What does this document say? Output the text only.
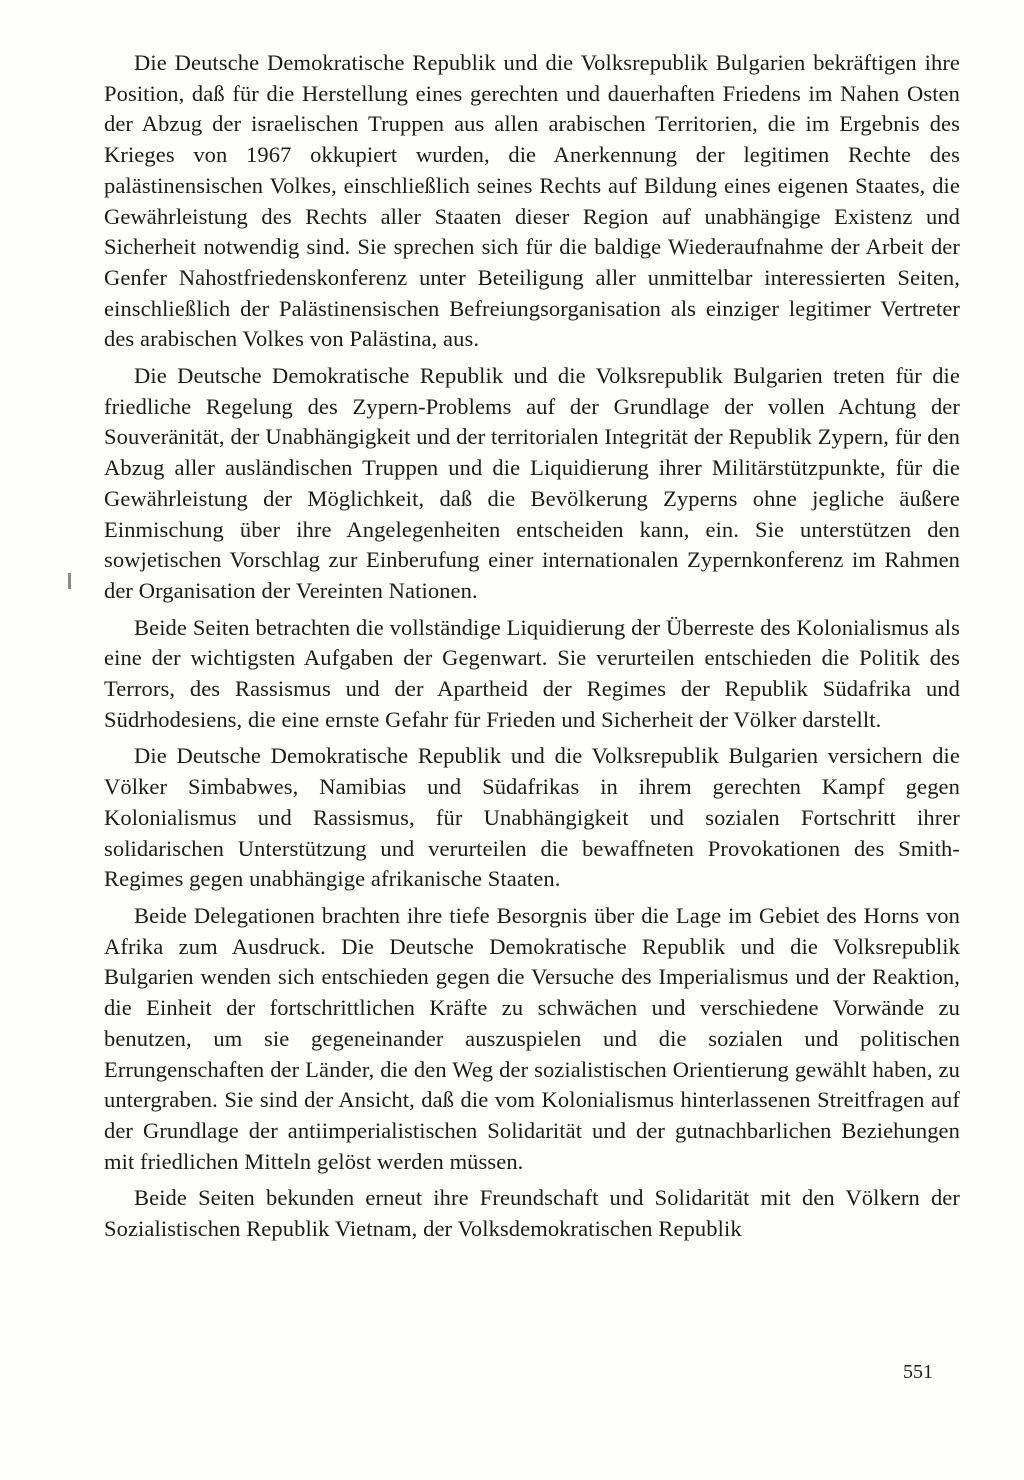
Die Deutsche Demokratische Republik und die Volksrepublik Bulgarien bekräftigen ihre Position, daß für die Herstellung eines gerechten und dauerhaften Friedens im Nahen Osten der Abzug der israelischen Truppen aus allen arabischen Territorien, die im Ergebnis des Krieges von 1967 okkupiert wurden, die Anerkennung der legitimen Rechte des palästinensischen Volkes, einschließlich seines Rechts auf Bildung eines eigenen Staates, die Gewährleistung des Rechts aller Staaten dieser Region auf unabhängige Existenz und Sicherheit notwendig sind. Sie sprechen sich für die baldige Wiederaufnahme der Arbeit der Genfer Nahostfriedenskonferenz unter Beteiligung aller unmittelbar interessierten Seiten, einschließlich der Palästinensischen Befreiungsorganisation als einziger legitimer Vertreter des arabischen Volkes von Palästina, aus.

Die Deutsche Demokratische Republik und die Volksrepublik Bulgarien treten für die friedliche Regelung des Zypern-Problems auf der Grundlage der vollen Achtung der Souveränität, der Unabhängigkeit und der territorialen Integrität der Republik Zypern, für den Abzug aller ausländischen Truppen und die Liquidierung ihrer Militärstützpunkte, für die Gewährleistung der Möglichkeit, daß die Bevölkerung Zyperns ohne jegliche äußere Einmischung über ihre Angelegenheiten entscheiden kann, ein. Sie unterstützen den sowjetischen Vorschlag zur Einberufung einer internationalen Zypernkonferenz im Rahmen der Organisation der Vereinten Nationen.

Beide Seiten betrachten die vollständige Liquidierung der Überreste des Kolonialismus als eine der wichtigsten Aufgaben der Gegenwart. Sie verurteilen entschieden die Politik des Terrors, des Rassismus und der Apartheid der Regimes der Republik Südafrika und Südrhodesiens, die eine ernste Gefahr für Frieden und Sicherheit der Völker darstellt.

Die Deutsche Demokratische Republik und die Volksrepublik Bulgarien versichern die Völker Simbabwes, Namibias und Südafrikas in ihrem gerechten Kampf gegen Kolonialismus und Rassismus, für Unabhängigkeit und sozialen Fortschritt ihrer solidarischen Unterstützung und verurteilen die bewaffneten Provokationen des Smith-Regimes gegen unabhängige afrikanische Staaten.

Beide Delegationen brachten ihre tiefe Besorgnis über die Lage im Gebiet des Horns von Afrika zum Ausdruck. Die Deutsche Demokratische Republik und die Volksrepublik Bulgarien wenden sich entschieden gegen die Versuche des Imperialismus und der Reaktion, die Einheit der fortschrittlichen Kräfte zu schwächen und verschiedene Vorwände zu benutzen, um sie gegeneinander auszuspielen und die sozialen und politischen Errungenschaften der Länder, die den Weg der sozialistischen Orientierung gewählt haben, zu untergraben. Sie sind der Ansicht, daß die vom Kolonialismus hinterlassenen Streitfragen auf der Grundlage der antiimperialistischen Solidarität und der gutnachbarlichen Beziehungen mit friedlichen Mitteln gelöst werden müssen.

Beide Seiten bekunden erneut ihre Freundschaft und Solidarität mit den Völkern der Sozialistischen Republik Vietnam, der Volksdemokratischen Republik

551
